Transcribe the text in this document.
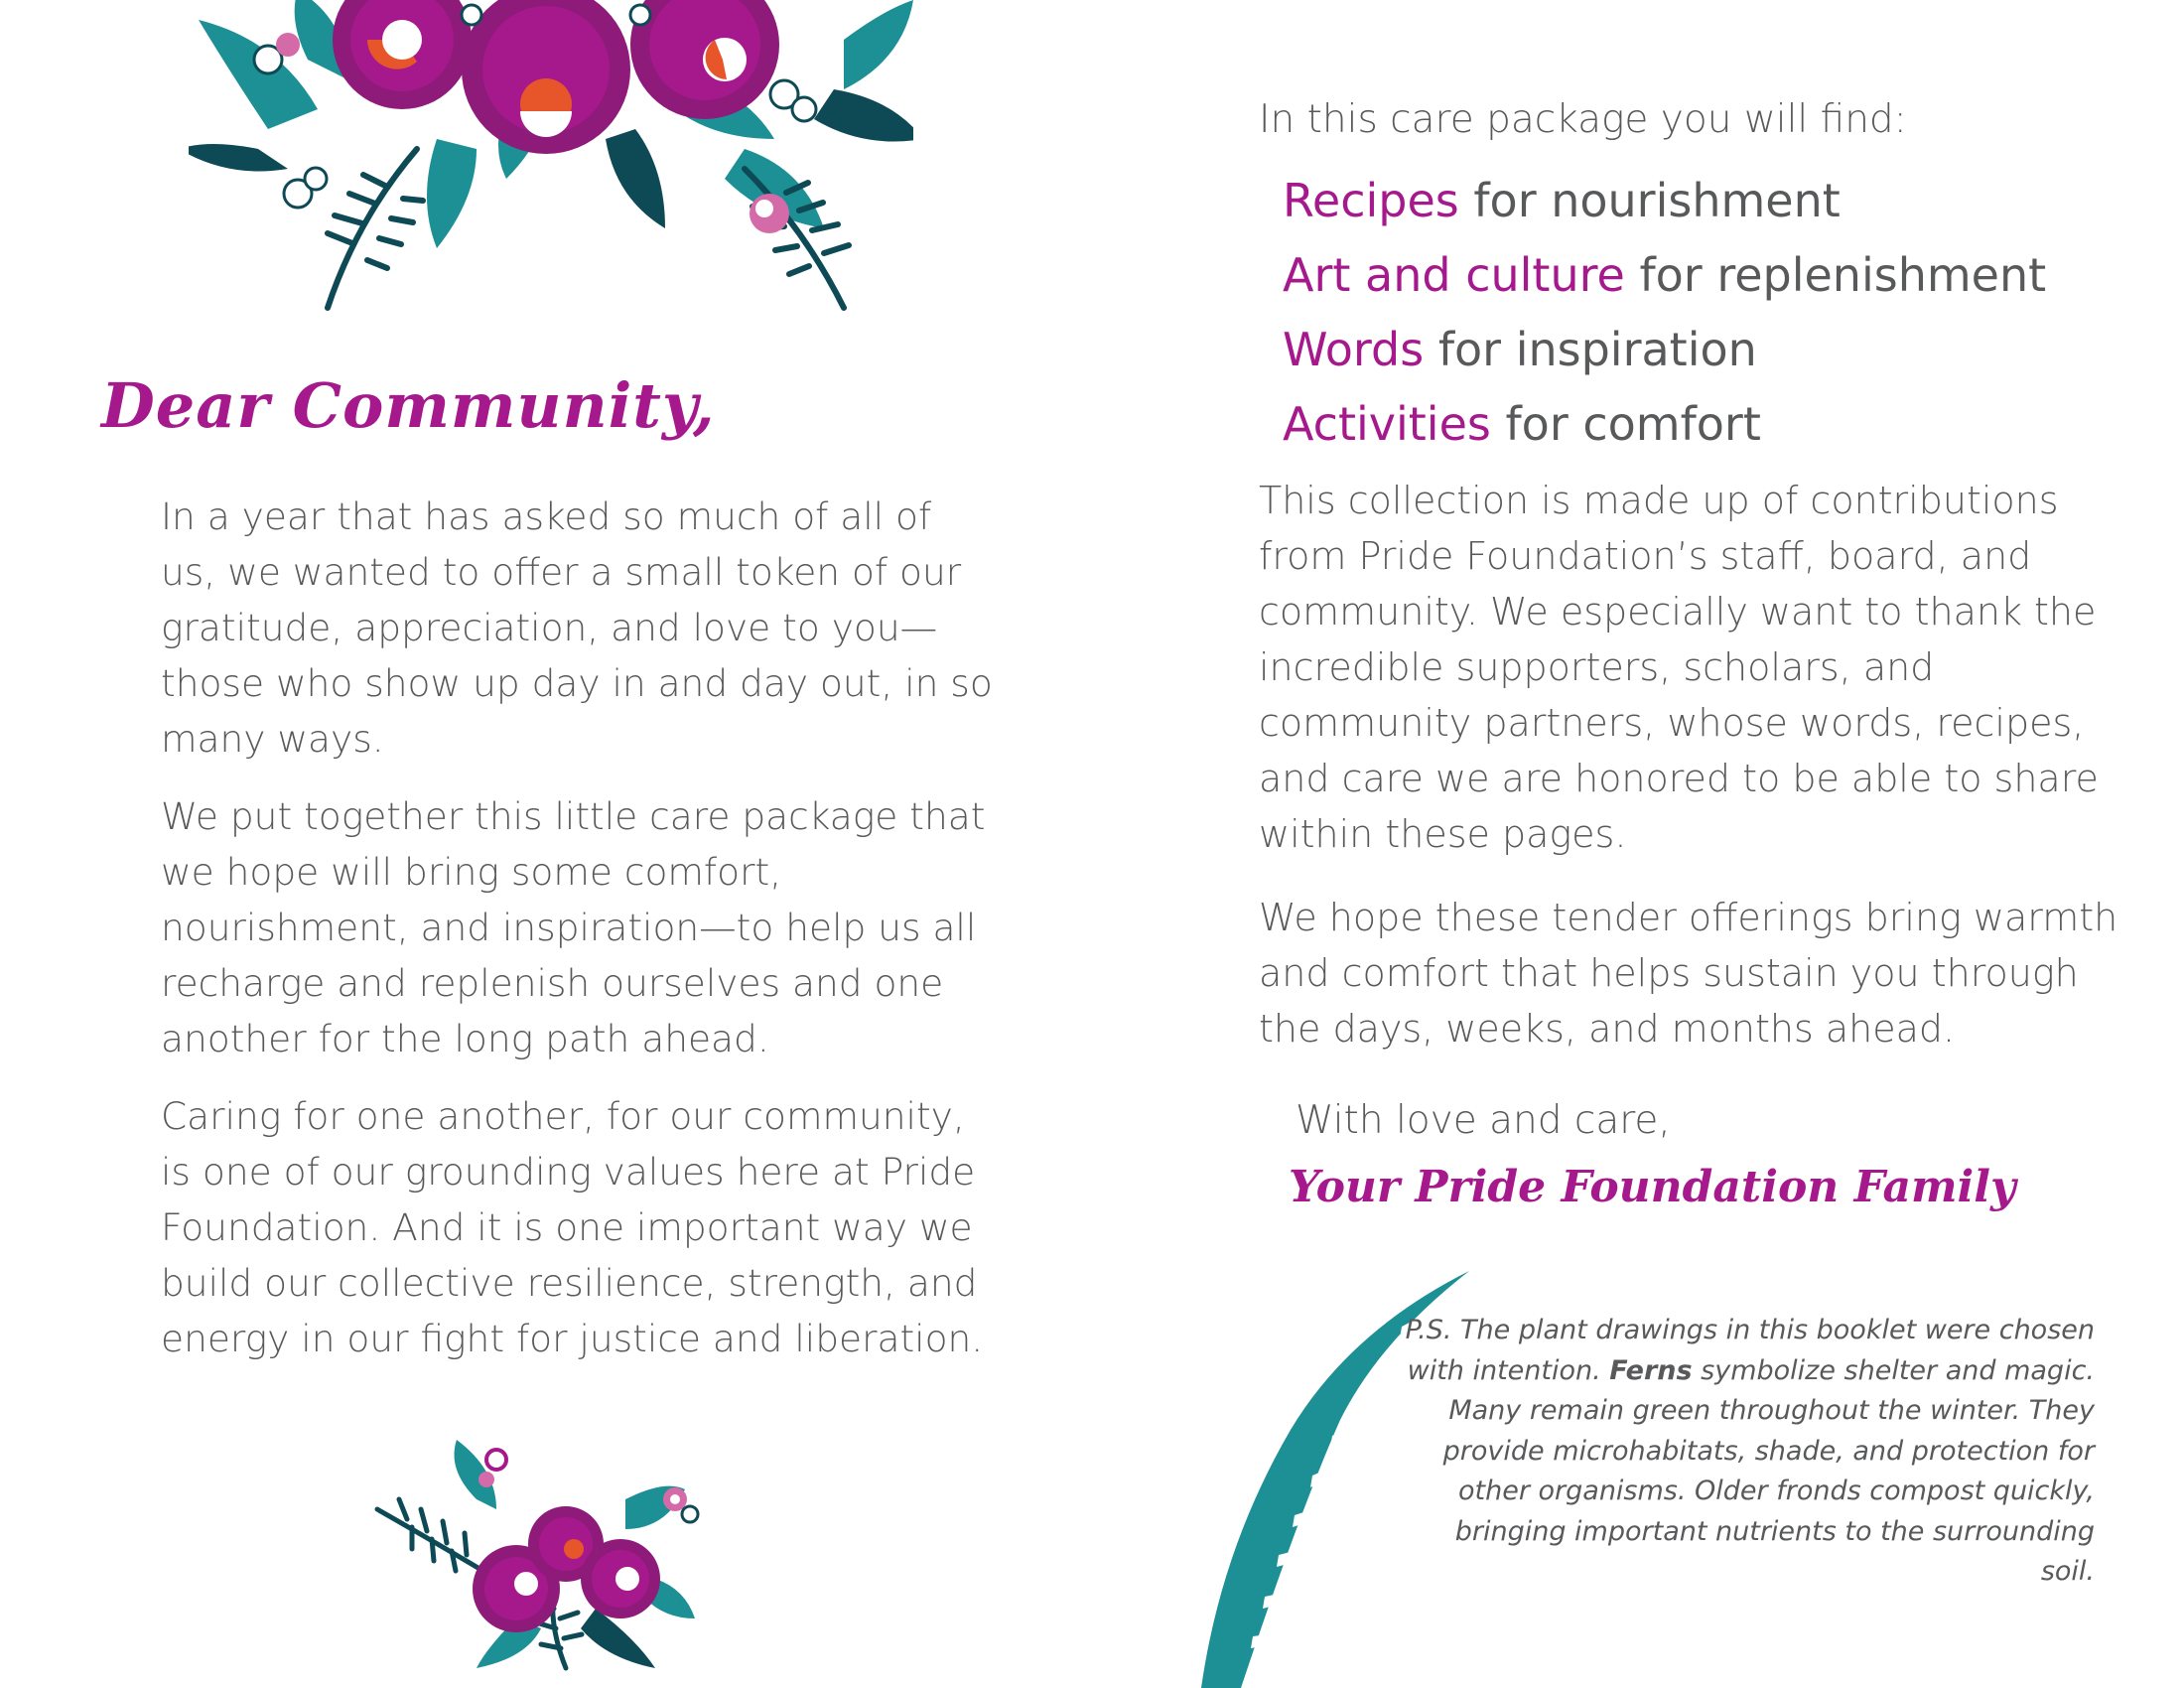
Dear Community,

In a year that has asked so much of all of us, we wanted to offer a small token of our gratitude, appreciation, and love to you—those who show up day in and day out, in so many ways.

We put together this little care package that we hope will bring some comfort, nourishment, and inspiration—to help us all recharge and replenish ourselves and one another for the long path ahead.

Caring for one another, for our community, is one of our grounding values here at Pride Foundation. And it is one important way we build our collective resilience, strength, and energy in our fight for justice and liberation.

In this care package you will find:

Recipes for nourishment
Art and culture for replenishment
Words for inspiration
Activities for comfort

This collection is made up of contributions from Pride Foundation’s staff, board, and community. We especially want to thank the incredible supporters, scholars, and community partners, whose words, recipes, and care we are honored to be able to share within these pages.

We hope these tender offerings bring warmth and comfort that helps sustain you through the days, weeks, and months ahead.

With love and care,

Your Pride Foundation Family

P.S. The plant drawings in this booklet were chosen with intention. Ferns symbolize shelter and magic. Many remain green throughout the winter. They provide microhabitats, shade, and protection for other organisms. Older fronds compost quickly, bringing important nutrients to the surrounding soil.
